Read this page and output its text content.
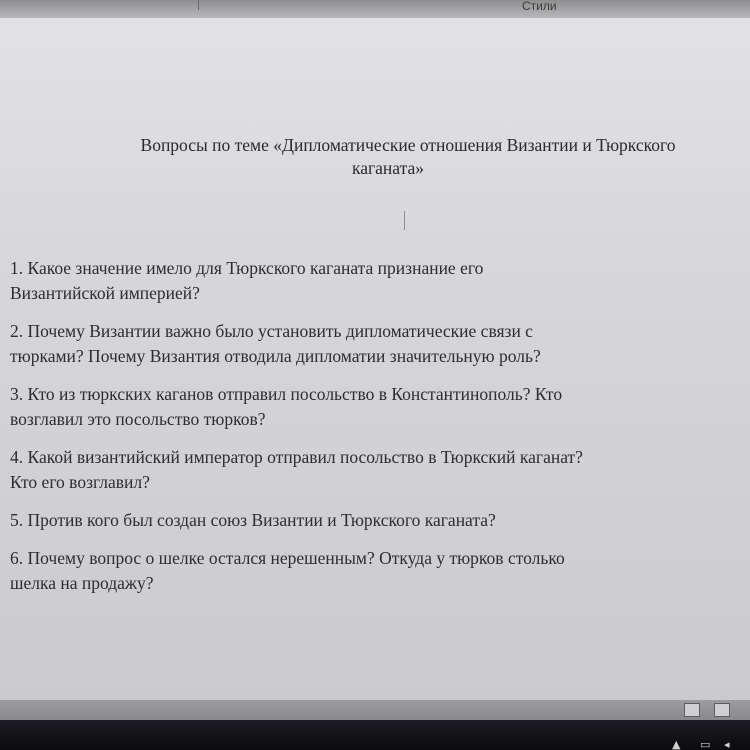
Стили
Вопросы по теме «Дипломатические отношения Византии и Тюркского
каганата»
1. Какое значение имело для Тюркского каганата признание его
Византийской империей?
2. Почему Византии важно было установить дипломатические связи с
тюрками? Почему Византия отводила дипломатии значительную роль?
3. Кто из тюркских каганов отправил посольство в Константинополь? Кто
возглавил это посольство тюрков?
4. Какой византийский император отправил посольство в Тюркский каганат?
Кто его возглавил?
5. Против кого был создан союз Византии и Тюркского каганата?
6. Почему вопрос о шелке остался нерешенным? Откуда у тюрков столько
шелка на продажу?
▲ ▭ ◂
